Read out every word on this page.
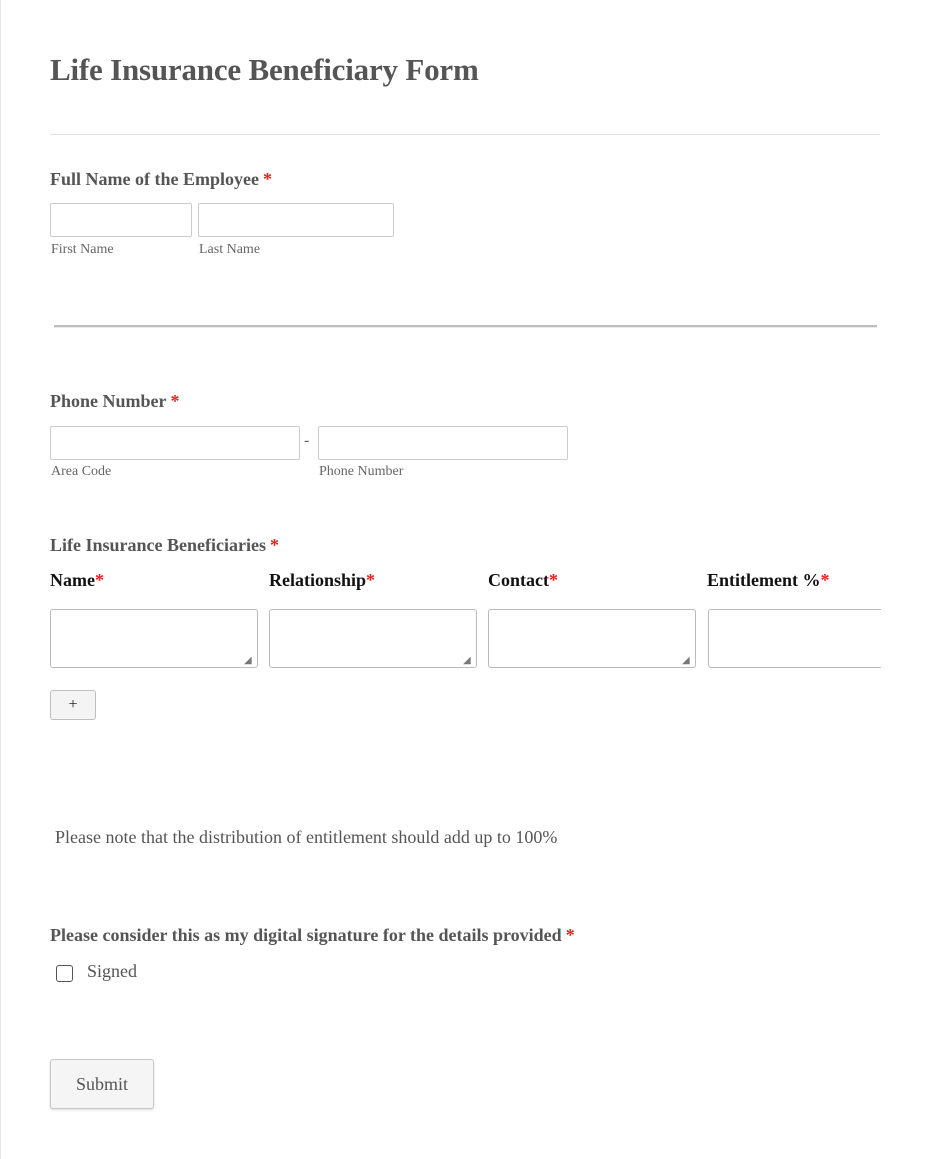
Life Insurance Beneficiary Form
Full Name of the Employee *
First Name	Last Name
Phone Number *
-
Area Code	Phone Number
Life Insurance Beneficiaries *
Name*	Relationship*	Contact*	Entitlement %*
◢	◢	◢
+
Please note that the distribution of entitlement should add up to 100%
Please consider this as my digital signature for the details provided *
Signed
Submit
